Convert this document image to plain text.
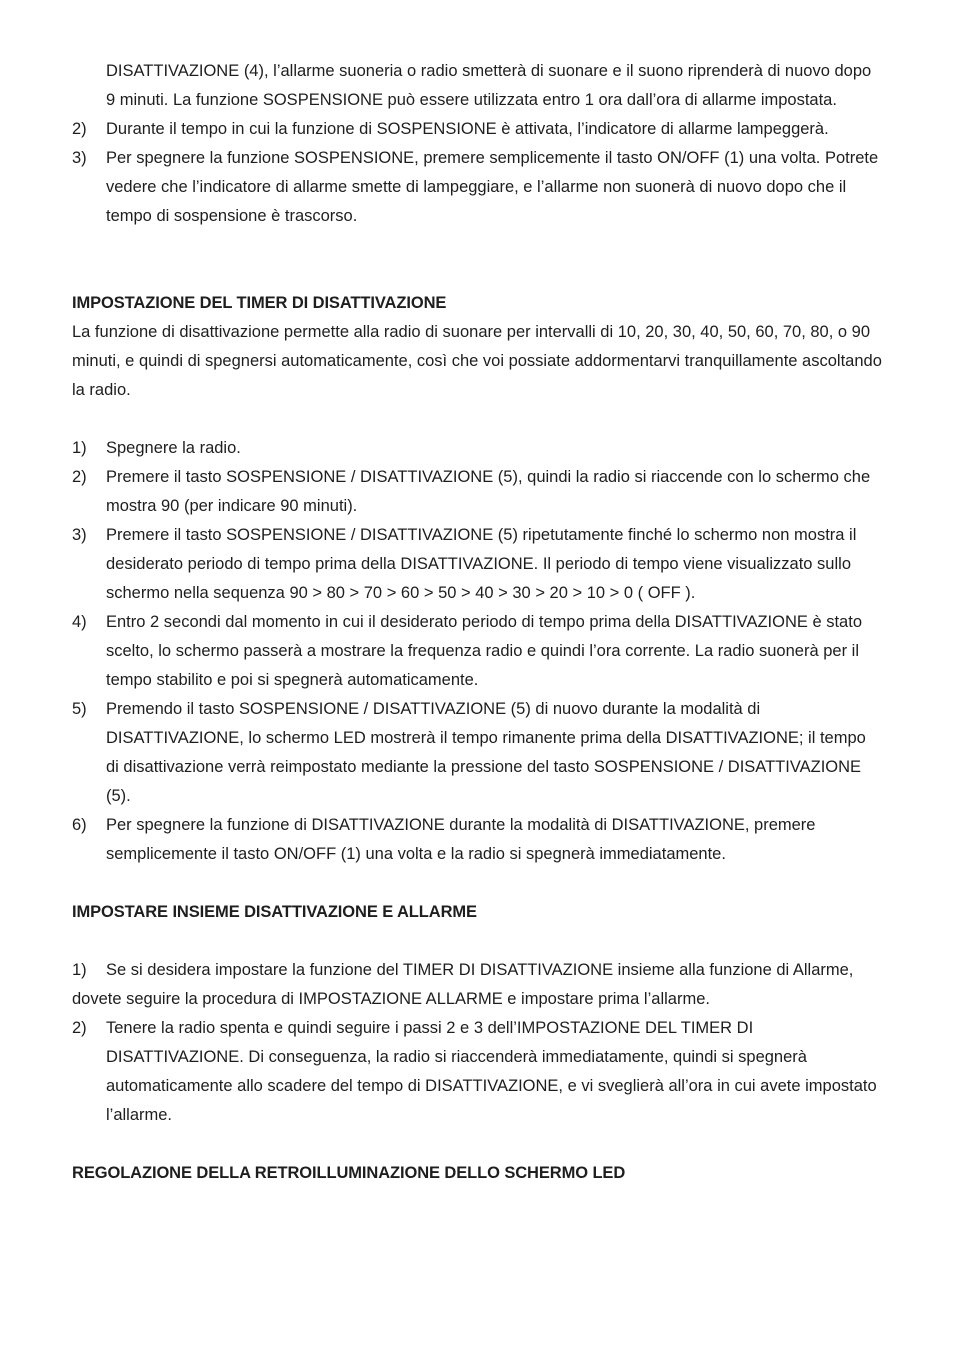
DISATTIVAZIONE (4), l’allarme suoneria o radio smetterà di suonare e il suono riprenderà di nuovo dopo 9 minuti. La funzione SOSPENSIONE può essere utilizzata entro 1 ora dall’ora di allarme impostata.

2) Durante il tempo in cui la funzione di SOSPENSIONE è attivata, l’indicatore di allarme lampeggerà.

3) Per spegnere la funzione SOSPENSIONE, premere semplicemente il tasto ON/OFF (1) una volta. Potrete vedere che l’indicatore di allarme smette di lampeggiare, e l’allarme non suonerà di nuovo dopo che il tempo di sospensione è trascorso.

IMPOSTAZIONE DEL TIMER DI DISATTIVAZIONE

La funzione di disattivazione permette alla radio di suonare per intervalli di 10, 20, 30, 40, 50, 60, 70, 80, o 90 minuti, e quindi di spegnersi automaticamente, così che voi possiate addormentarvi tranquillamente ascoltando la radio.

1) Spegnere la radio.

2) Premere il tasto SOSPENSIONE / DISATTIVAZIONE (5), quindi la radio si riaccende con lo schermo che mostra 90 (per indicare 90 minuti).

3) Premere il tasto SOSPENSIONE / DISATTIVAZIONE (5) ripetutamente finché lo schermo non mostra il desiderato periodo di tempo prima della DISATTIVAZIONE. Il periodo di tempo viene visualizzato sullo schermo nella sequenza 90 > 80 > 70 > 60 > 50 > 40 > 30 > 20 > 10 > 0 ( OFF ).

4) Entro 2 secondi dal momento in cui il desiderato periodo di tempo prima della DISATTIVAZIONE è stato scelto, lo schermo passerà a mostrare la frequenza radio e quindi l’ora corrente. La radio suonerà per il tempo stabilito e poi si spegnerà automaticamente.

5) Premendo il tasto SOSPENSIONE / DISATTIVAZIONE (5) di nuovo durante la modalità di DISATTIVAZIONE, lo schermo LED mostrerà il tempo rimanente prima della DISATTIVAZIONE; il tempo di disattivazione verrà reimpostato mediante la pressione del tasto SOSPENSIONE / DISATTIVAZIONE (5).

6) Per spegnere la funzione di DISATTIVAZIONE durante la modalità di DISATTIVAZIONE, premere semplicemente il tasto ON/OFF (1) una volta e la radio si spegnerà immediatamente.

IMPOSTARE INSIEME DISATTIVAZIONE E ALLARME

1) Se si desidera impostare la funzione del TIMER DI DISATTIVAZIONE insieme alla funzione di Allarme, dovete seguire la procedura di IMPOSTAZIONE ALLARME e impostare prima l’allarme.

2) Tenere la radio spenta e quindi seguire i passi 2 e 3 dell’IMPOSTAZIONE DEL TIMER DI DISATTIVAZIONE. Di conseguenza, la radio si riaccenderà immediatamente, quindi si spegnerà automaticamente allo scadere del tempo di DISATTIVAZIONE, e vi sveglierà all’ora in cui avete impostato l’allarme.

REGOLAZIONE DELLA RETROILLUMINAZIONE DELLO SCHERMO LED
